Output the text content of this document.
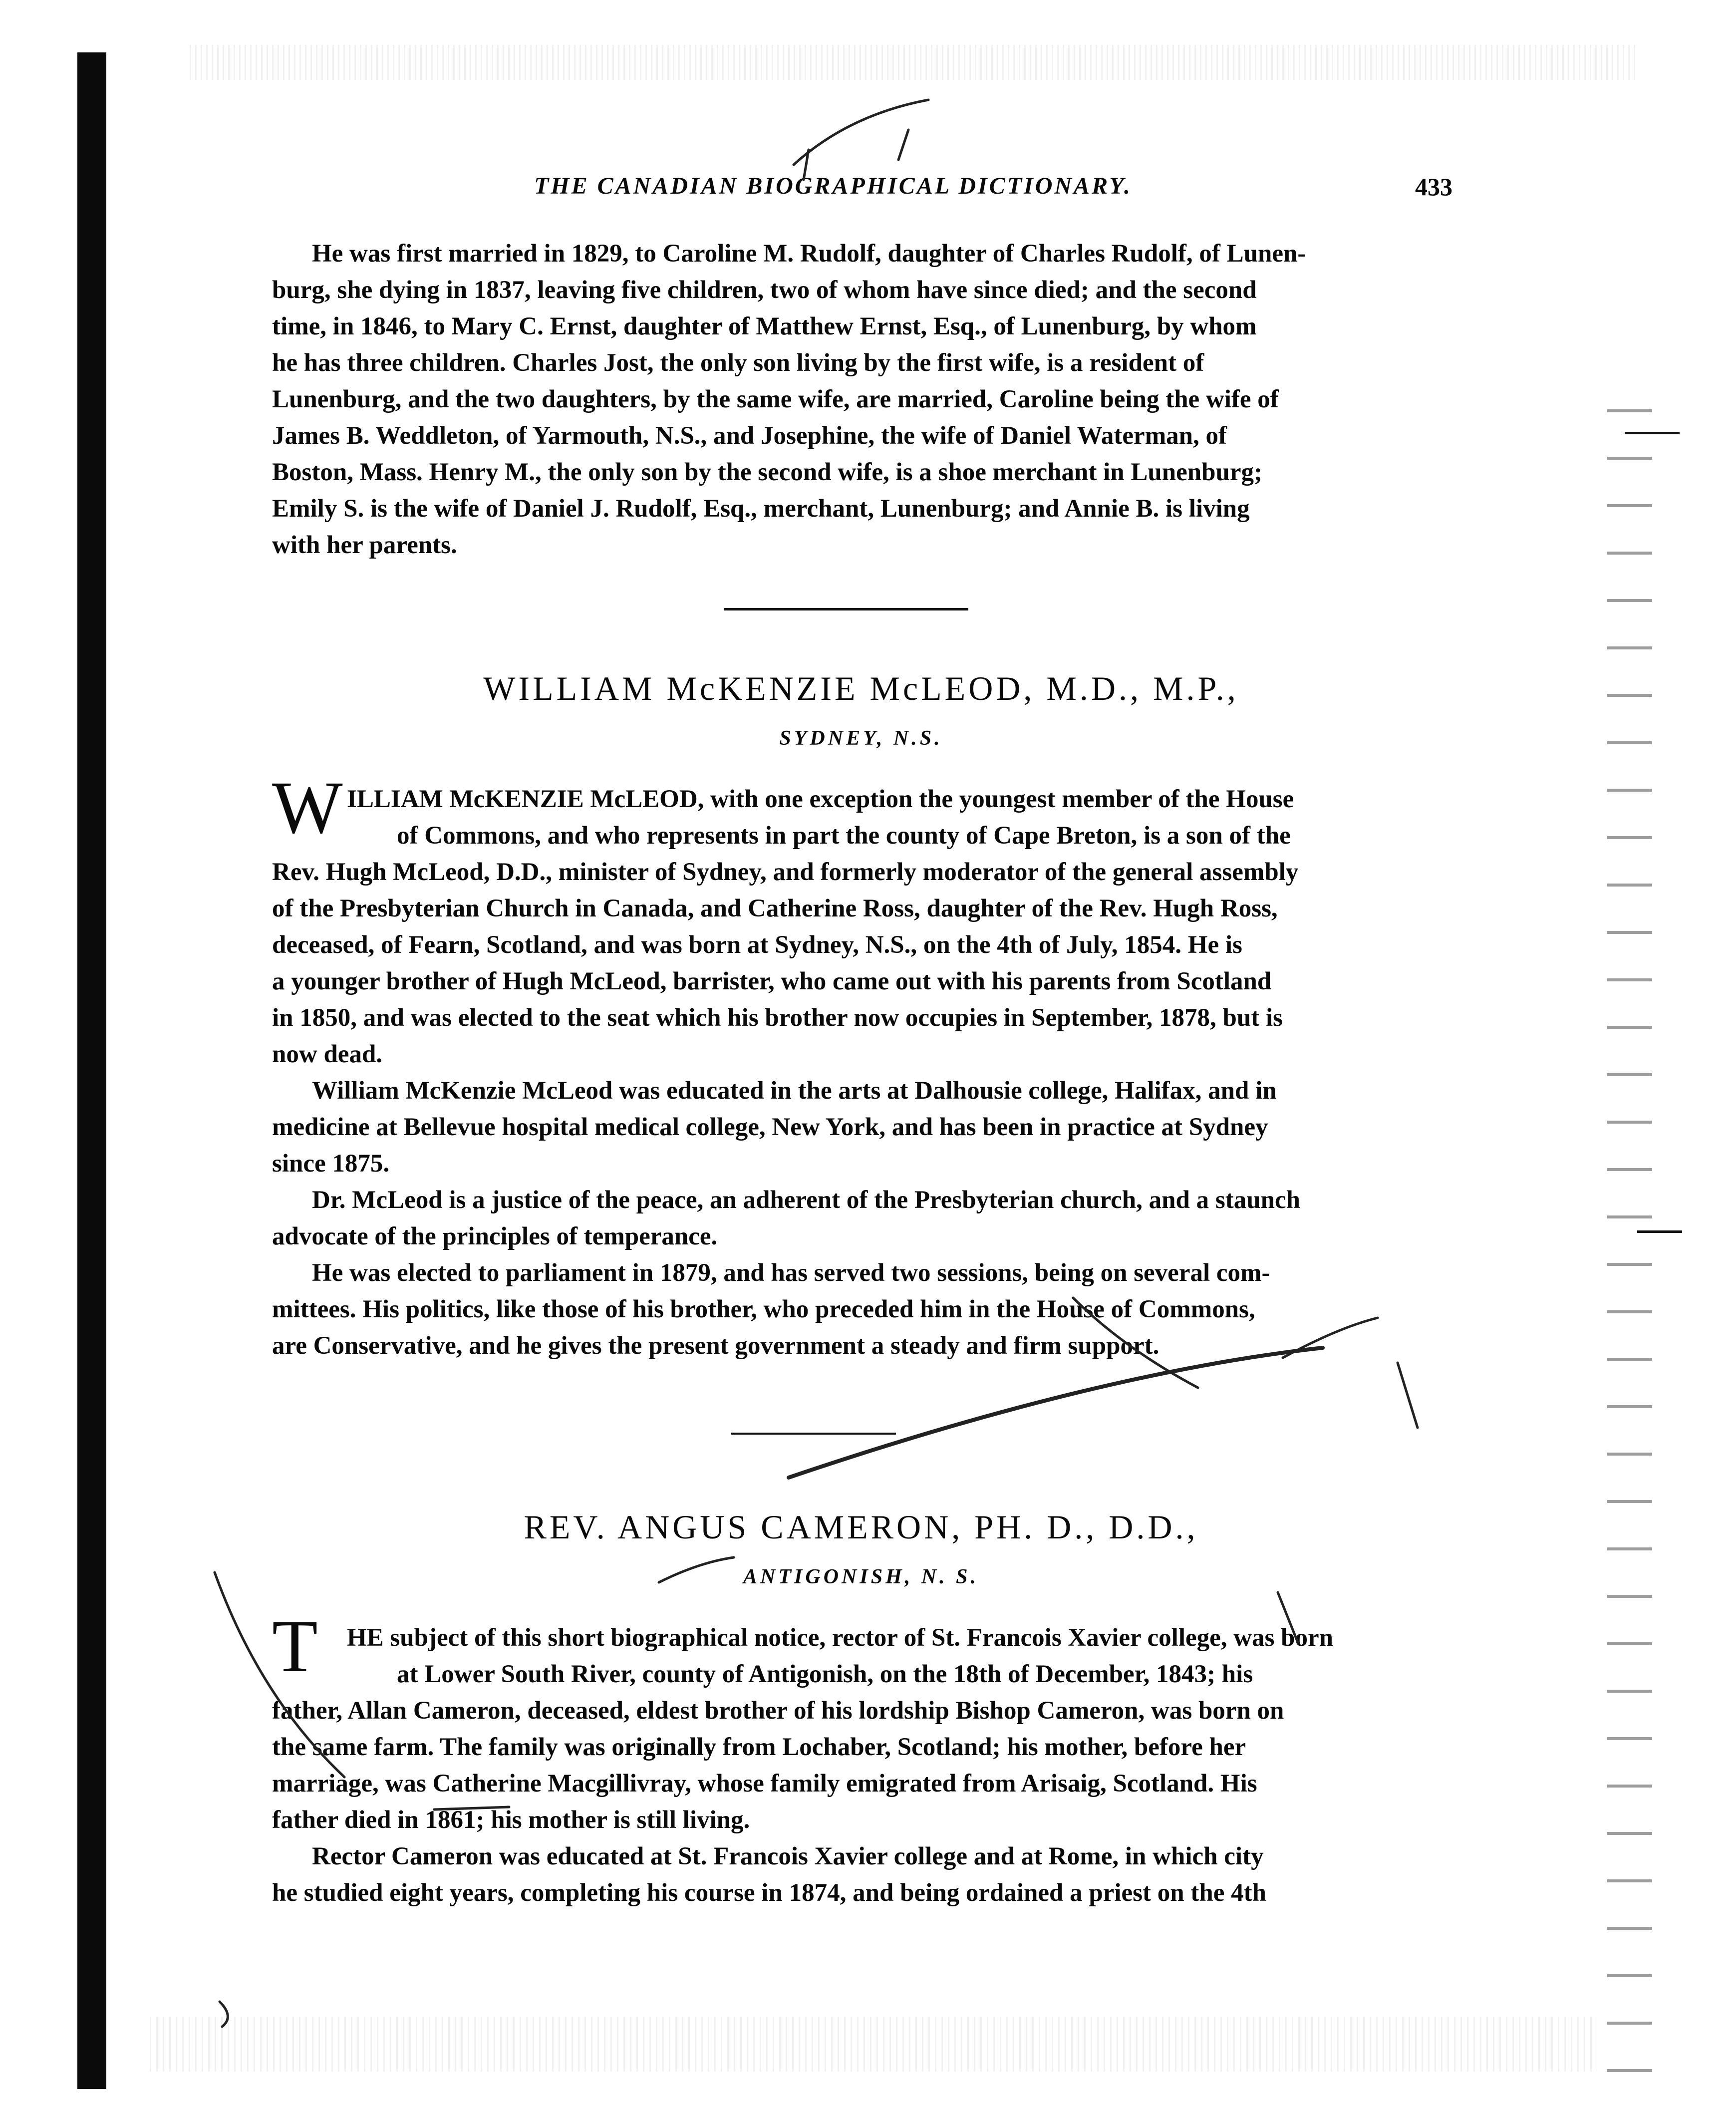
THE CANADIAN BIOGRAPHICAL DICTIONARY.	433
He was first married in 1829, to Caroline M. Rudolf, daughter of Charles Rudolf, of Lunen-
burg, she dying in 1837, leaving five children, two of whom have since died; and the second
time, in 1846, to Mary C. Ernst, daughter of Matthew Ernst, Esq., of Lunenburg, by whom
he has three children. Charles Jost, the only son living by the first wife, is a resident of
Lunenburg, and the two daughters, by the same wife, are married, Caroline being the wife of
James B. Weddleton, of Yarmouth, N.S., and Josephine, the wife of Daniel Waterman, of
Boston, Mass. Henry M., the only son by the second wife, is a shoe merchant in Lunenburg;
Emily S. is the wife of Daniel J. Rudolf, Esq., merchant, Lunenburg; and Annie B. is living
with her parents.
WILLIAM McKENZIE McLEOD, M.D., M.P.,
SYDNEY, N.S.
W ILLIAM McKENZIE McLEOD, with one exception the youngest member of the House
of Commons, and who represents in part the county of Cape Breton, is a son of the
Rev. Hugh McLeod, D.D., minister of Sydney, and formerly moderator of the general assembly
of the Presbyterian Church in Canada, and Catherine Ross, daughter of the Rev. Hugh Ross,
deceased, of Fearn, Scotland, and was born at Sydney, N.S., on the 4th of July, 1854. He is
a younger brother of Hugh McLeod, barrister, who came out with his parents from Scotland
in 1850, and was elected to the seat which his brother now occupies in September, 1878, but is
now dead.
William McKenzie McLeod was educated in the arts at Dalhousie college, Halifax, and in
medicine at Bellevue hospital medical college, New York, and has been in practice at Sydney
since 1875.
Dr. McLeod is a justice of the peace, an adherent of the Presbyterian church, and a staunch
advocate of the principles of temperance.
He was elected to parliament in 1879, and has served two sessions, being on several com-
mittees. His politics, like those of his brother, who preceded him in the House of Commons,
are Conservative, and he gives the present government a steady and firm support.
REV. ANGUS CAMERON, PH. D., D.D.,
ANTIGONISH, N. S.
T	HE subject of this short biographical notice, rector of St. Francois Xavier college, was born
at Lower South River, county of Antigonish, on the 18th of December, 1843; his
father, Allan Cameron, deceased, eldest brother of his lordship Bishop Cameron, was born on
the same farm. The family was originally from Lochaber, Scotland; his mother, before her
marriage, was Catherine Macgillivray, whose family emigrated from Arisaig, Scotland. His
father died in 1861; his mother is still living.
Rector Cameron was educated at St. Francois Xavier college and at Rome, in which city
he studied eight years, completing his course in 1874, and being ordained a priest on the 4th
